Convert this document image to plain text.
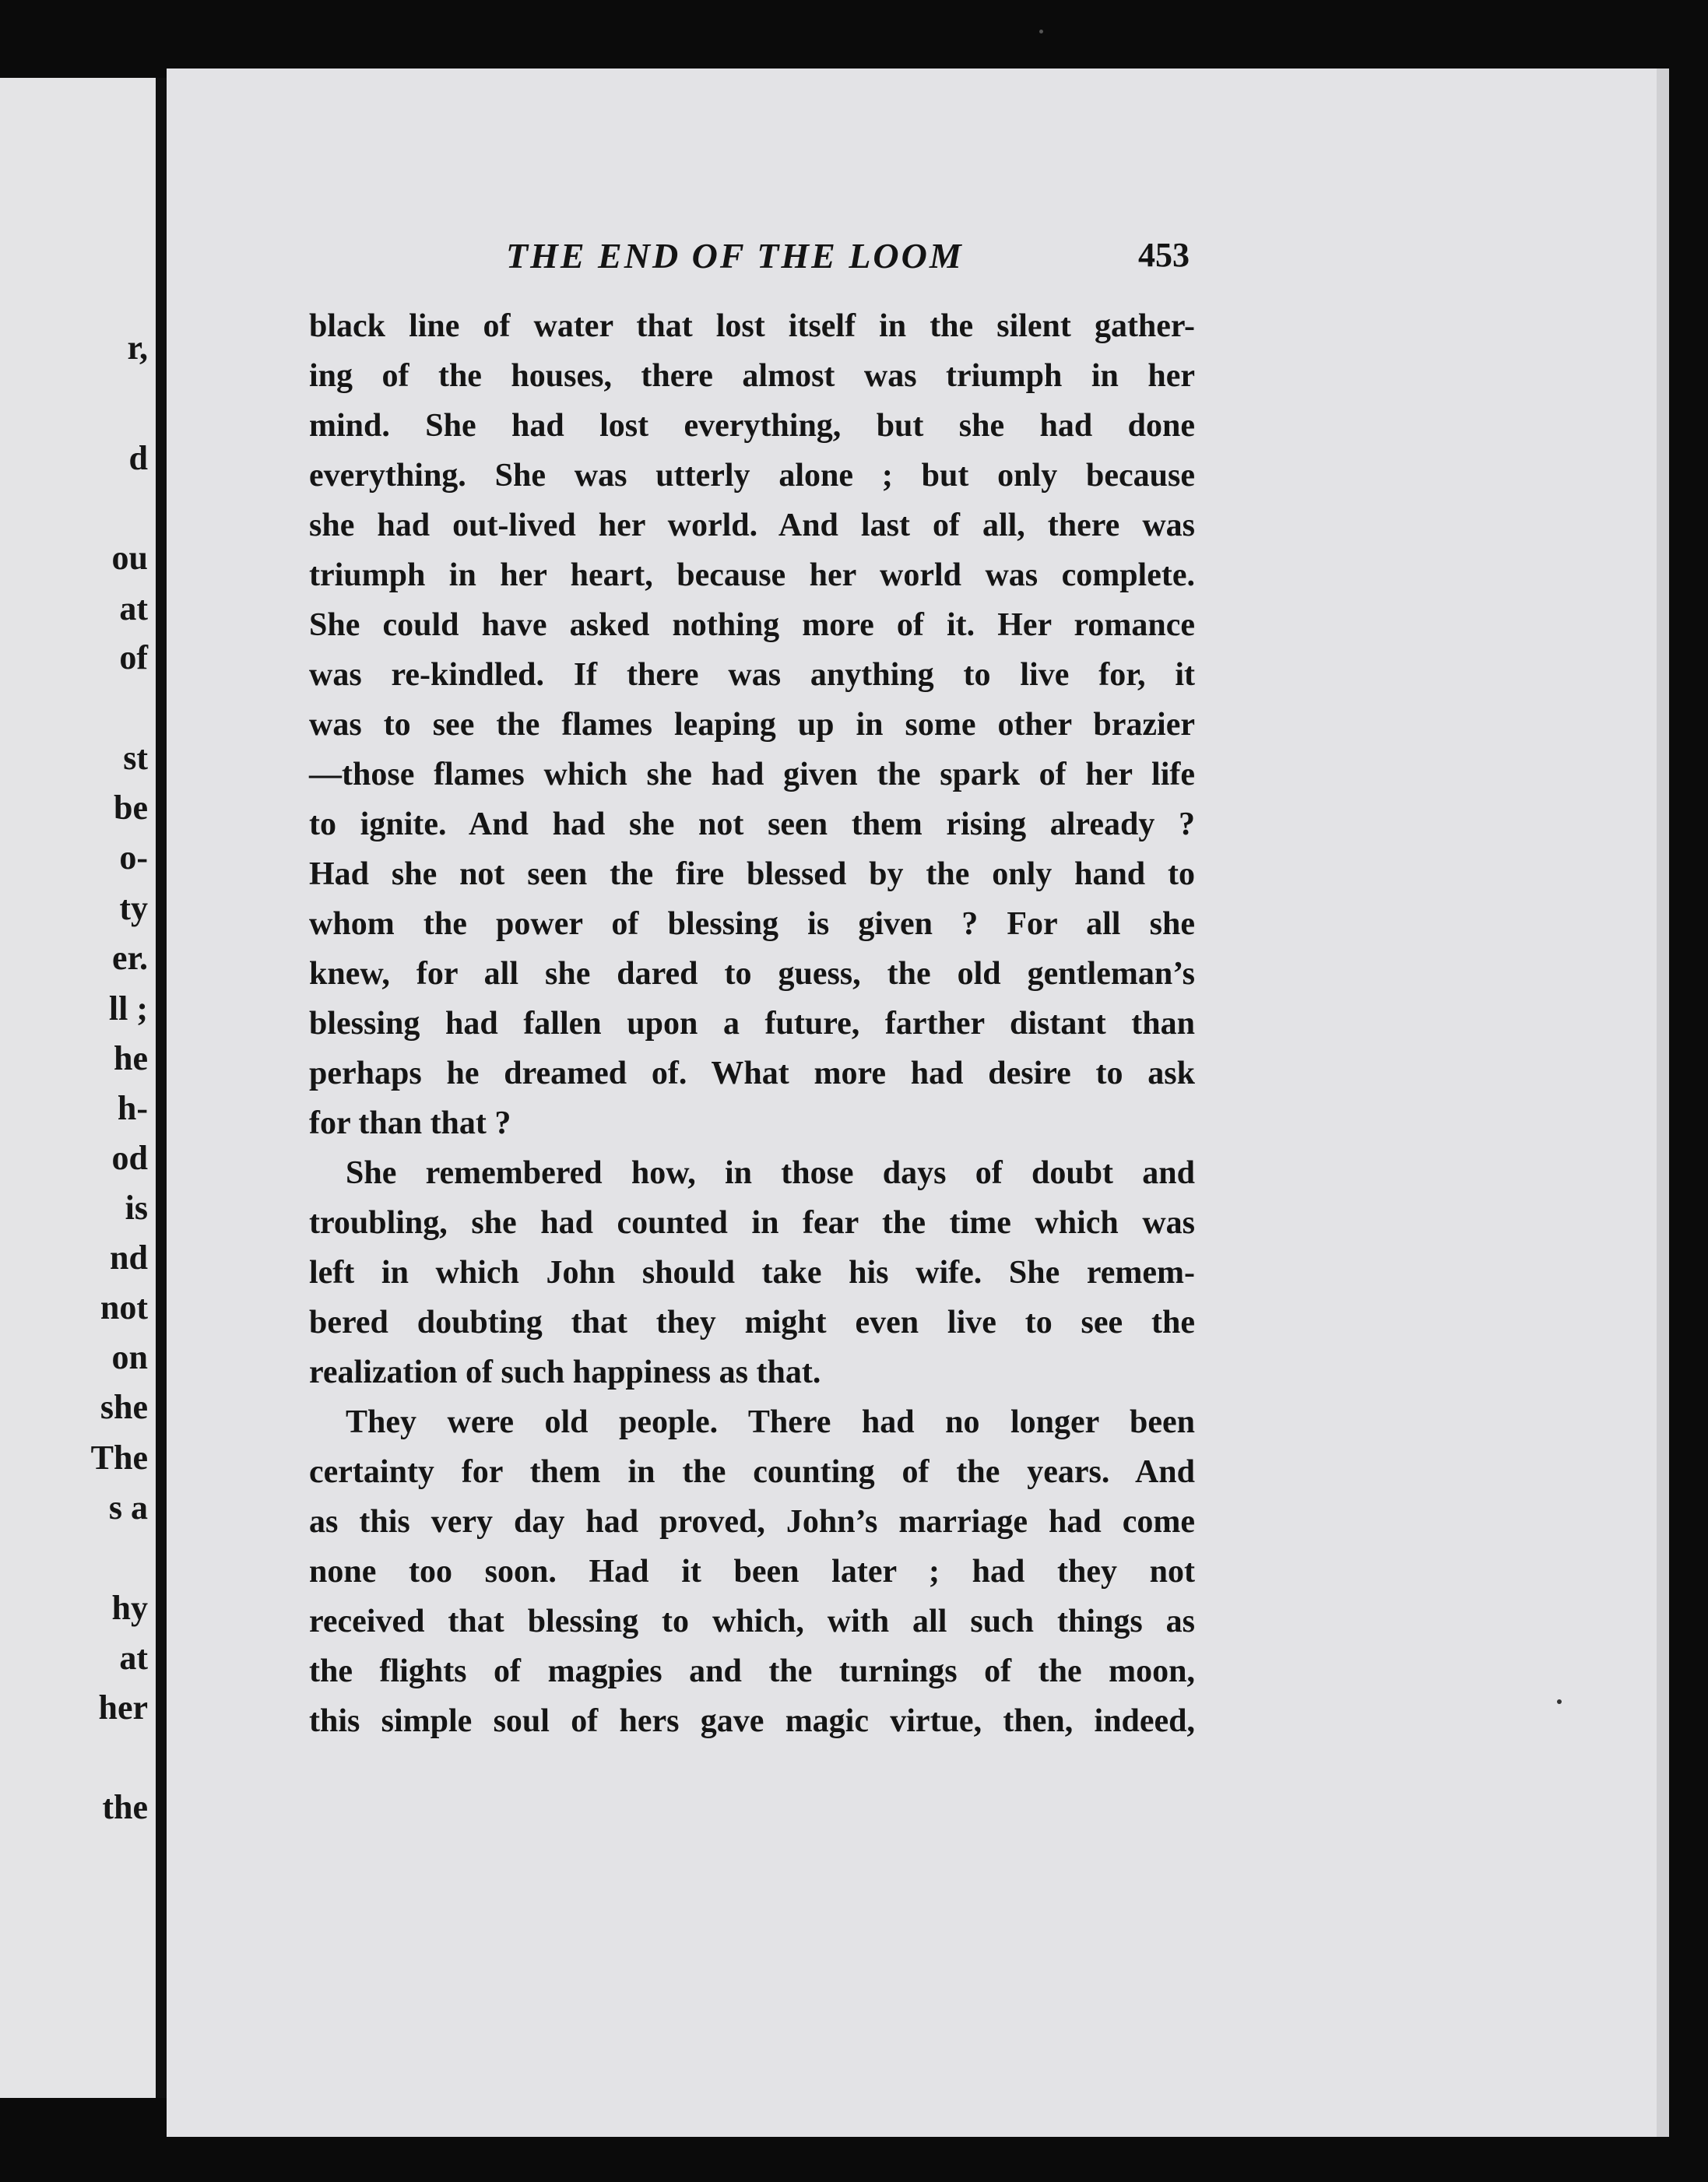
r,
d
ou
at
of
st
be
o-
ty
er.
ll ;
he
h-
od
is
nd
not
on
she
The
s a
hy
at
her
the
THE END OF THE LOOM	453
black line of water that lost itself in the silent gather-
ing of the houses, there almost was triumph in her
mind. She had lost everything, but she had done
everything. She was utterly alone ; but only because
she had out-lived her world. And last of all, there was
triumph in her heart, because her world was complete.
She could have asked nothing more of it. Her romance
was re-kindled. If there was anything to live for, it
was to see the flames leaping up in some other brazier
—those flames which she had given the spark of her life
to ignite. And had she not seen them rising already ?
Had she not seen the fire blessed by the only hand to
whom the power of blessing is given ? For all she
knew, for all she dared to guess, the old gentleman’s
blessing had fallen upon a future, farther distant than
perhaps he dreamed of. What more had desire to ask
for than that ?
She remembered how, in those days of doubt and
troubling, she had counted in fear the time which was
left in which John should take his wife. She remem-
bered doubting that they might even live to see the
realization of such happiness as that.
They were old people. There had no longer been
certainty for them in the counting of the years. And
as this very day had proved, John’s marriage had come
none too soon. Had it been later ; had they not
received that blessing to which, with all such things as
the flights of magpies and the turnings of the moon,
this simple soul of hers gave magic virtue, then, indeed,
